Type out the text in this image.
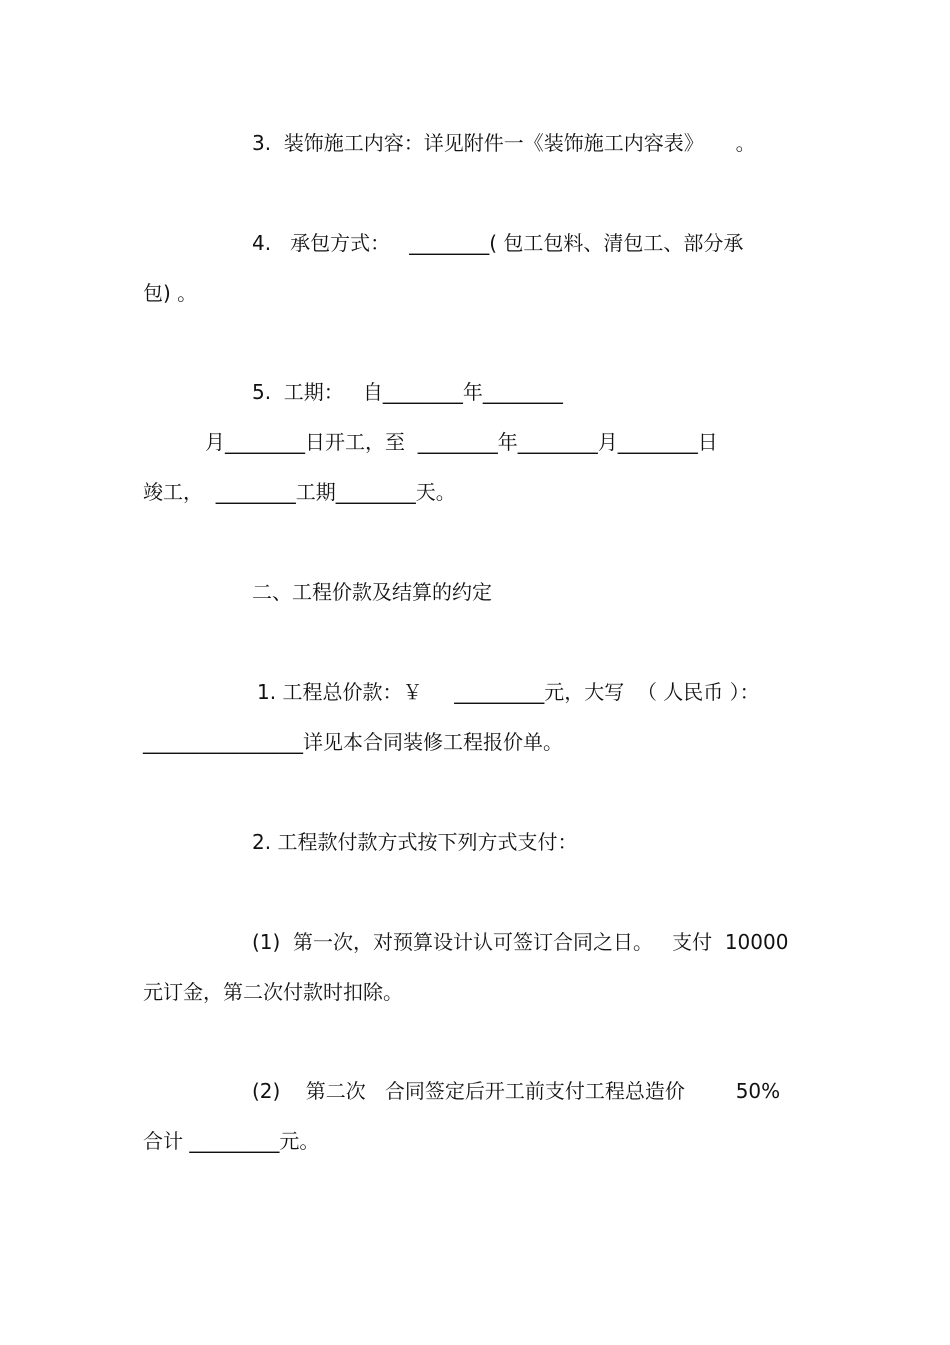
3.  装饰施工内容：详见附件一《装饰施工内容表》     。
4.   承包方式：   ________( 包工包料、清包工、部分承
包) 。
5.  工期：   自________年________
月________日开工，至  ________年________月________日
竣工，  ________工期________天。
二、工程价款及结算的约定
1. 工程总价款：￥     _________元，大写  （ 人民币 ）：
________________详见本合同装修工程报价单。
2. 工程款付款方式按下列方式支付：
(1)  第一次，对预算设计认可签订合同之日。   支付  10000
元订金，第二次付款时扣除。
(2)    第二次   合同签定后开工前支付工程总造价        50%
合计 _________元。
